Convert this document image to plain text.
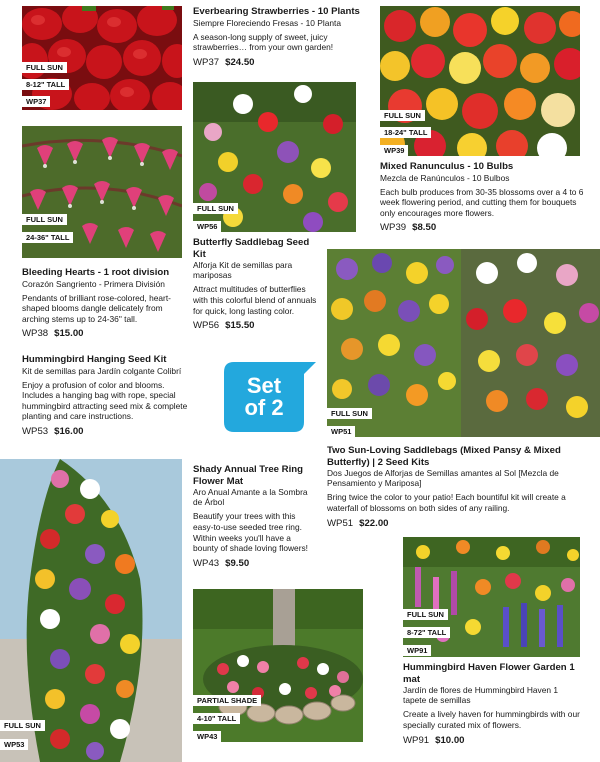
FULL SUN
8-12" TALL
WP37
FULL SUN
18-24" TALL
WP39
FULL SUN
24-36" TALL
FULL SUN
WP56
FULL SUN
WP51
FULL SUN
WP53
PARTIAL SHADE
4-10" TALL
WP43
FULL SUN
8-72" TALL
WP91
Set
of 2
Everbearing Strawberries - 10 Plants
Siempre Floreciendo Fresas - 10 Planta
A season-long supply of sweet, juicy strawberries… from your own garden!
WP37 $24.50
Mixed Ranunculus - 10 Bulbs
Mezcla de Ranúnculos - 10 Bulbos
Each bulb produces from 30-35 blossoms over a 4 to 6 week flowering period, and cutting them for bouquets only encourages more flowers.
WP39 $8.50
Bleeding Hearts - 1 root division
Corazón Sangriento - Primera División
Pendants of brilliant rose-colored, heart-shaped blooms dangle delicately from arching stems up to 24-36" tall.
WP38 $15.00
Butterfly Saddlebag Seed Kit
Alforja Kit de semillas para mariposas
Attract multitudes of butterflies with this colorful blend of annuals for quick, long lasting color.
WP56 $15.50
Hummingbird Hanging Seed Kit
Kit de semillas para Jardín colgante Colibrí
Enjoy a profusion of color and blooms. Includes a hanging bag with rope, special hummingbird attracting seed mix & complete planting and care instructions.
WP53 $16.00
Two Sun-Loving Saddlebags (Mixed Pansy & Mixed Butterfly) | 2 Seed Kits
Dos Juegos de Alforjas de Semillas amantes al Sol [Mezcla de Pensamiento y Mariposa]
Bring twice the color to your patio! Each bountiful kit will create a waterfall of blossoms on both sides of any railing.
WP51 $22.00
Shady Annual Tree Ring Flower Mat
Aro Anual Amante a la Sombra de Árbol
Beautify your trees with this easy-to-use seeded tree ring. Within weeks you'll have a bounty of shade loving flowers!
WP43 $9.50
Hummingbird Haven Flower Garden 1 mat
Jardín de flores de Hummingbird Haven 1 tapete de semillas
Create a lively haven for hummingbirds with our specially curated mix of flowers.
WP91 $10.00
